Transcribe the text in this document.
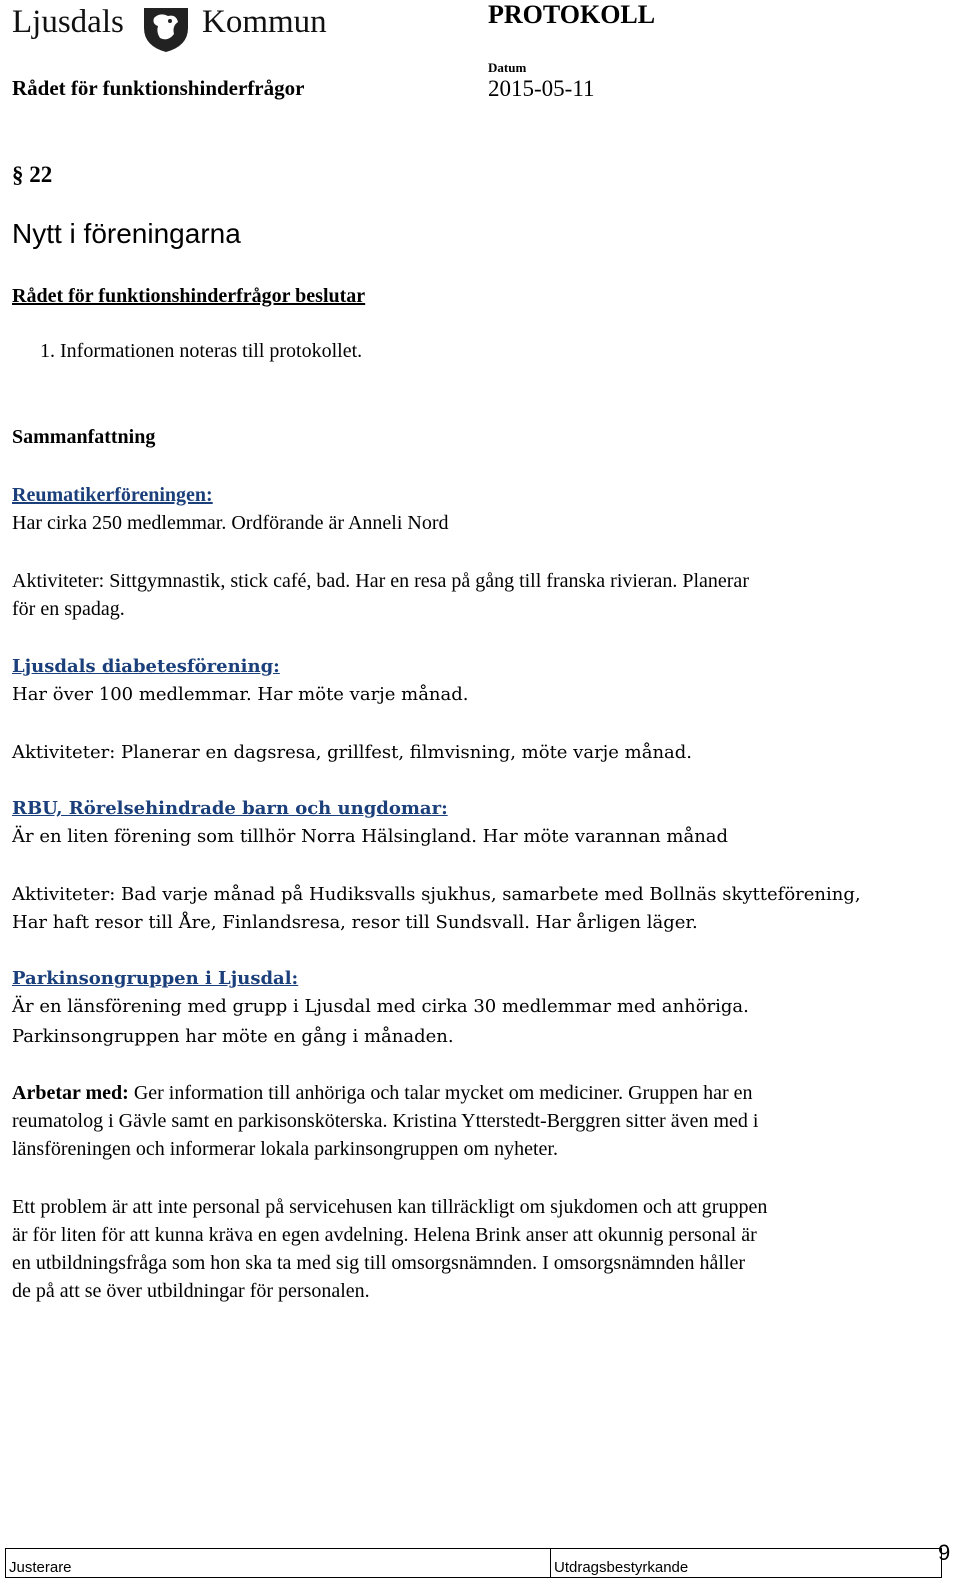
Ljusdals Kommun	PROTOKOLL
Datum
Rådet för funktionshinderfrågor	2015-05-11
§ 22
Nytt i föreningarna
Rådet för funktionshinderfrågor beslutar
1. Informationen noteras till protokollet.
Sammanfattning
Reumatikerföreningen:
Har cirka 250 medlemmar. Ordförande är Anneli Nord
Aktiviteter: Sittgymnastik, stick café, bad. Har en resa på gång till franska rivieran. Planerar
för en spadag.
Ljusdals diabetesförening:
Har över 100 medlemmar. Har möte varje månad.
Aktiviteter: Planerar en dagsresa, grillfest, filmvisning, möte varje månad.
RBU, Rörelsehindrade barn och ungdomar:
Är en liten förening som tillhör Norra Hälsingland. Har möte varannan månad
Aktiviteter: Bad varje månad på Hudiksvalls sjukhus, samarbete med Bollnäs skytteförening,
Har haft resor till Åre, Finlandsresa, resor till Sundsvall. Har årligen läger.
Parkinsongruppen i Ljusdal:
Är en länsförening med grupp i Ljusdal med cirka 30 medlemmar med anhöriga.
Parkinsongruppen har möte en gång i månaden.
Arbetar med: Ger information till anhöriga och talar mycket om mediciner. Gruppen har en
reumatolog i Gävle samt en parkisonsköterska. Kristina Ytterstedt-Berggren sitter även med i
länsföreningen och informerar lokala parkinsongruppen om nyheter.
Ett problem är att inte personal på servicehusen kan tillräckligt om sjukdomen och att gruppen
är för liten för att kunna kräva en egen avdelning. Helena Brink anser att okunnig personal är
en utbildningsfråga som hon ska ta med sig till omsorgsnämnden. I omsorgsnämnden håller
de på att se över utbildningar för personalen.
Justerare	Utdragsbestyrkande
9
